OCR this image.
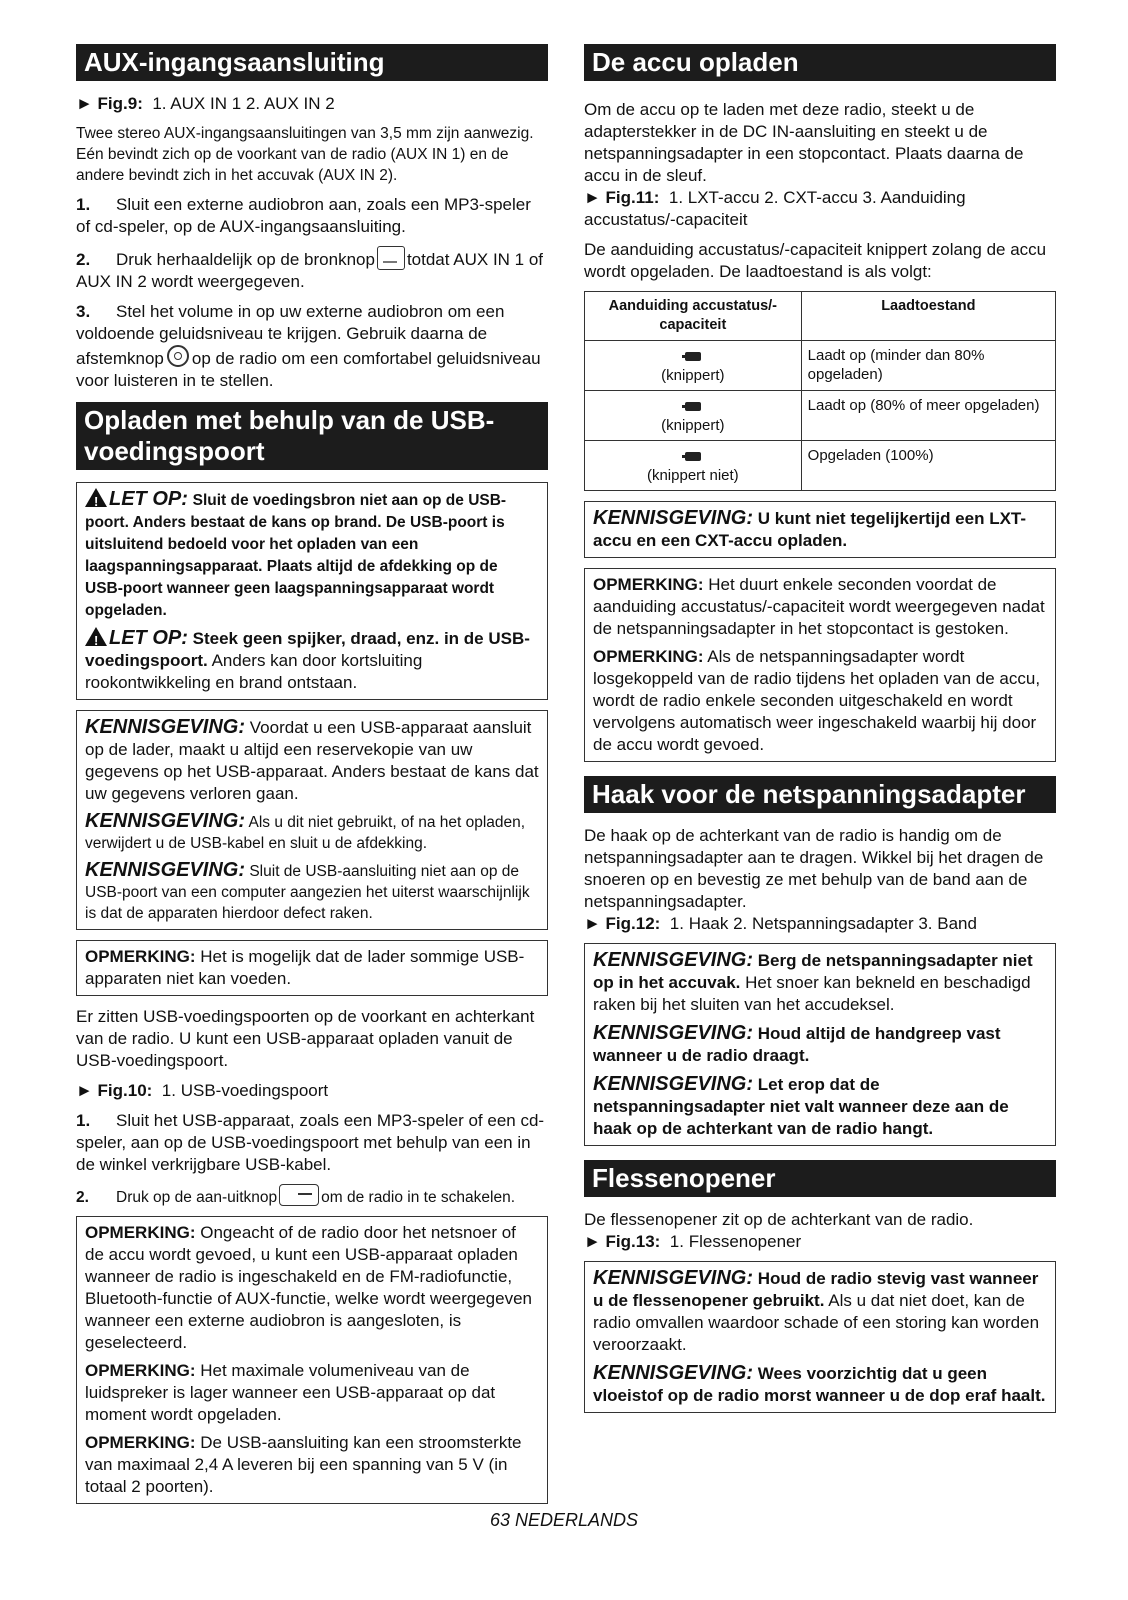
AUX-ingangsaansluiting
► Fig.9: 1. AUX IN 1 2. AUX IN 2
Twee stereo AUX-ingangsaansluitingen van 3,5 mm zijn aanwezig. Eén bevindt zich op de voorkant van de radio (AUX IN 1) en de andere bevindt zich in het accuvak (AUX IN 2).
1. Sluit een externe audiobron aan, zoals een MP3-speler of cd-speler, op de AUX-ingangsaansluiting.
2. Druk herhaaldelijk op de bronknop totdat AUX IN 1 of AUX IN 2 wordt weergegeven.
3. Stel het volume in op uw externe audiobron om een voldoende geluidsniveau te krijgen. Gebruik daarna de afstemknop op de radio om een comfortabel geluidsniveau voor luisteren in te stellen.
Opladen met behulp van de USB-voedingspoort
!LET OP: Sluit de voedingsbron niet aan op de USB-poort. Anders bestaat de kans op brand. De USB-poort is uitsluitend bedoeld voor het opladen van een laagspanningsapparaat. Plaats altijd de afdekking op de USB-poort wanneer geen laagspanningsapparaat wordt opgeladen.
!LET OP: Steek geen spijker, draad, enz. in de USB-voedingspoort. Anders kan door kortsluiting rookontwikkeling en brand ontstaan.
KENNISGEVING: Voordat u een USB-apparaat aansluit op de lader, maakt u altijd een reservekopie van uw gegevens op het USB-apparaat. Anders bestaat de kans dat uw gegevens verloren gaan.
KENNISGEVING: Als u dit niet gebruikt, of na het opladen, verwijdert u de USB-kabel en sluit u de afdekking.
KENNISGEVING: Sluit de USB-aansluiting niet aan op de USB-poort van een computer aangezien het uiterst waarschijnlijk is dat de apparaten hierdoor defect raken.
OPMERKING: Het is mogelijk dat de lader sommige USB-apparaten niet kan voeden.
Er zitten USB-voedingspoorten op de voorkant en achterkant van de radio. U kunt een USB-apparaat opladen vanuit de USB-voedingspoort.
► Fig.10: 1. USB-voedingspoort
1. Sluit het USB-apparaat, zoals een MP3-speler of een cd-speler, aan op de USB-voedingspoort met behulp van een in de winkel verkrijgbare USB-kabel.
2. Druk op de aan-uitknop	om de radio in te schakelen.
OPMERKING: Ongeacht of de radio door het netsnoer of de accu wordt gevoed, u kunt een USB-apparaat opladen wanneer de radio is ingeschakeld en de FM-radiofunctie, Bluetooth-functie of AUX-functie, welke wordt weergegeven wanneer een externe audiobron is aangesloten, is geselecteerd.
OPMERKING: Het maximale volumeniveau van de luidspreker is lager wanneer een USB-apparaat op dat moment wordt opgeladen.
OPMERKING: De USB-aansluiting kan een stroomsterkte van maximaal 2,4 A leveren bij een spanning van 5 V (in totaal 2 poorten).
De accu opladen
Om de accu op te laden met deze radio, steekt u de adapterstekker in de DC IN-aansluiting en steekt u de netspanningsadapter in een stopcontact. Plaats daarna de accu in de sleuf.
► Fig.11: 1. LXT-accu 2. CXT-accu 3. Aanduiding accustatus/-capaciteit
De aanduiding accustatus/-capaciteit knippert zolang de accu wordt opgeladen. De laadtoestand is als volgt:
Aanduiding accustatus/-capaciteit	Laadtoestand

(knippert)	Laadt op (minder dan 80% opgeladen)

(knippert)	Laadt op (80% of meer opgeladen)

(knippert niet)	Opgeladen (100%)
KENNISGEVING: U kunt niet tegelijkertijd een LXT-accu en een CXT-accu opladen.
OPMERKING: Het duurt enkele seconden voordat de aanduiding accustatus/-capaciteit wordt weergegeven nadat de netspanningsadapter in het stopcontact is gestoken.
OPMERKING: Als de netspanningsadapter wordt losgekoppeld van de radio tijdens het opladen van de accu, wordt de radio enkele seconden uitgeschakeld en wordt vervolgens automatisch weer ingeschakeld waarbij hij door de accu wordt gevoed.
Haak voor de netspanningsadapter
De haak op de achterkant van de radio is handig om de netspanningsadapter aan te dragen. Wikkel bij het dragen de snoeren op en bevestig ze met behulp van de band aan de netspanningsadapter.
► Fig.12: 1. Haak 2. Netspanningsadapter 3. Band
KENNISGEVING: Berg de netspanningsadapter niet op in het accuvak. Het snoer kan bekneld en beschadigd raken bij het sluiten van het accudeksel.
KENNISGEVING: Houd altijd de handgreep vast wanneer u de radio draagt.
KENNISGEVING: Let erop dat de netspanningsadapter niet valt wanneer deze aan de haak op de achterkant van de radio hangt.
Flessenopener
De flessenopener zit op de achterkant van de radio.
► Fig.13: 1. Flessenopener
KENNISGEVING: Houd de radio stevig vast wanneer u de flessenopener gebruikt. Als u dat niet doet, kan de radio omvallen waardoor schade of een storing kan worden veroorzaakt.
KENNISGEVING: Wees voorzichtig dat u geen vloeistof op de radio morst wanneer u de dop eraf haalt.
63 NEDERLANDS
